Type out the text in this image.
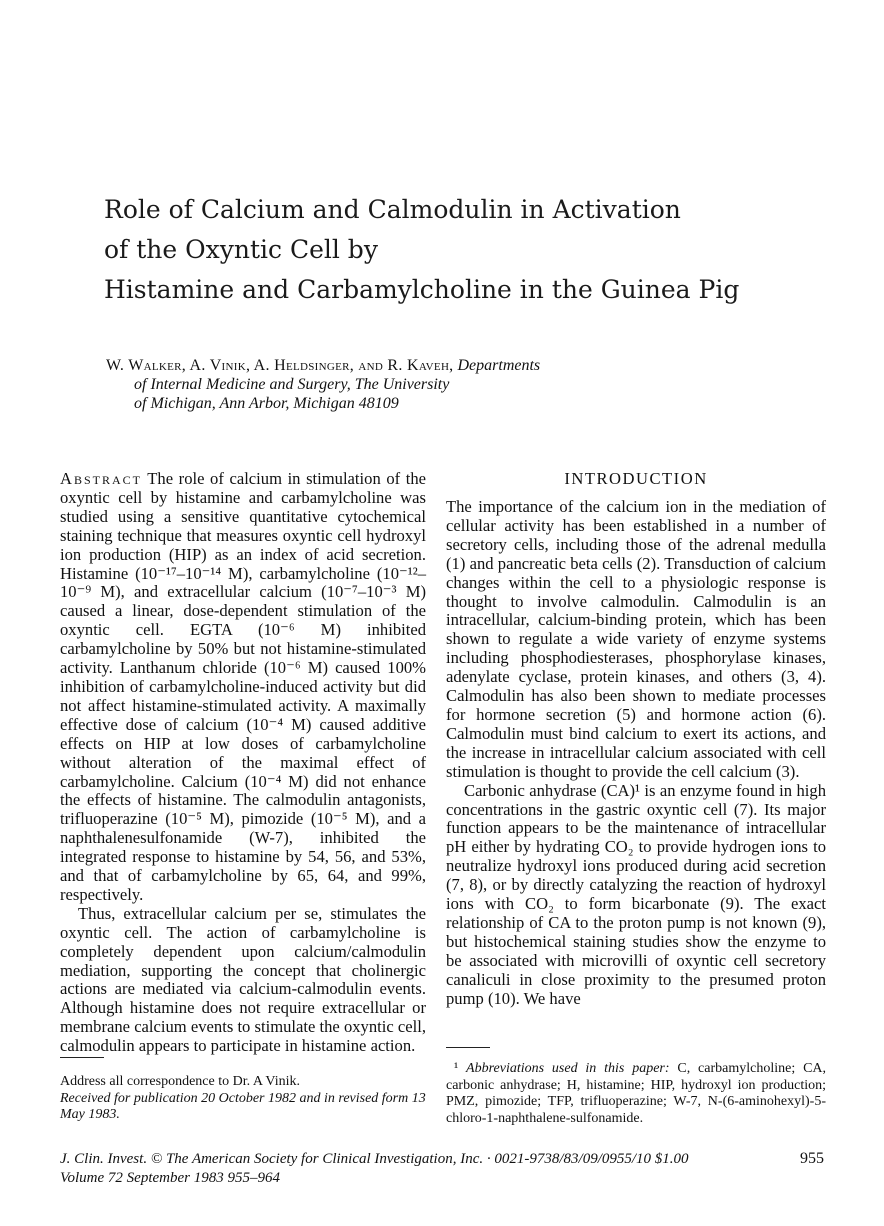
Role of Calcium and Calmodulin in Activation
of the Oxyntic Cell by
Histamine and Carbamylcholine in the Guinea Pig
W. Walker, A. Vinik, A. Heldsinger, and R. Kaveh, Departments
of Internal Medicine and Surgery, The University
of Michigan, Ann Arbor, Michigan 48109

Abstract The role of calcium in stimulation of the oxyntic cell by histamine and carbamylcholine was studied using a sensitive quantitative cytochemical staining technique that measures oxyntic cell hydroxyl ion production (HIP) as an index of acid secretion. Histamine (10⁻¹⁷–10⁻¹⁴ M), carbamylcholine (10⁻¹²–10⁻⁹ M), and extracellular calcium (10⁻⁷–10⁻³ M) caused a linear, dose-dependent stimulation of the oxyntic cell. EGTA (10⁻⁶ M) inhibited carbamylcholine by 50% but not histamine-stimulated activity. Lanthanum chloride (10⁻⁶ M) caused 100% inhibition of carbamylcholine-induced activity but did not affect histamine-stimulated activity. A maximally effective dose of calcium (10⁻⁴ M) caused additive effects on HIP at low doses of carbamylcholine without alteration of the maximal effect of carbamylcholine. Calcium (10⁻⁴ M) did not enhance the effects of histamine. The calmodulin antagonists, trifluoperazine (10⁻⁵ M), pimozide (10⁻⁵ M), and a naphthalenesulfonamide (W-7), inhibited the integrated response to histamine by 54, 56, and 53%, and that of carbamylcholine by 65, 64, and 99%, respectively.

Thus, extracellular calcium per se, stimulates the oxyntic cell. The action of carbamylcholine is completely dependent upon calcium/calmodulin mediation, supporting the concept that cholinergic actions are mediated via calcium-calmodulin events. Although histamine does not require extracellular or membrane calcium events to stimulate the oxyntic cell, calmodulin appears to participate in histamine action.

INTRODUCTION

The importance of the calcium ion in the mediation of cellular activity has been established in a number of secretory cells, including those of the adrenal medulla (1) and pancreatic beta cells (2). Transduction of calcium changes within the cell to a physiologic response is thought to involve calmodulin. Calmodulin is an intracellular, calcium-binding protein, which has been shown to regulate a wide variety of enzyme systems including phosphodiesterases, phosphorylase kinases, adenylate cyclase, protein kinases, and others (3, 4). Calmodulin has also been shown to mediate processes for hormone secretion (5) and hormone action (6). Calmodulin must bind calcium to exert its actions, and the increase in intracellular calcium associated with cell stimulation is thought to provide the cell calcium (3).

Carbonic anhydrase (CA)¹ is an enzyme found in high concentrations in the gastric oxyntic cell (7). Its major function appears to be the maintenance of intracellular pH either by hydrating CO₂ to provide hydrogen ions to neutralize hydroxyl ions produced during acid secretion (7, 8), or by directly catalyzing the reaction of hydroxyl ions with CO₂ to form bicarbonate (9). The exact relationship of CA to the proton pump is not known (9), but histochemical staining studies show the enzyme to be associated with microvilli of oxyntic cell secretory canaliculi in close proximity to the presumed proton pump (10). We have

Address all correspondence to Dr. A Vinik.
Received for publication 20 October 1982 and in revised form 13 May 1983.

¹ Abbreviations used in this paper: C, carbamylcholine; CA, carbonic anhydrase; H, histamine; HIP, hydroxyl ion production; PMZ, pimozide; TFP, trifluoperazine; W-7, N-(6-aminohexyl)-5-chloro-1-naphthalene-sulfonamide.

J. Clin. Invest. © The American Society for Clinical Investigation, Inc. · 0021-9738/83/09/0955/10 $1.00
Volume 72 September 1983 955–964
955
